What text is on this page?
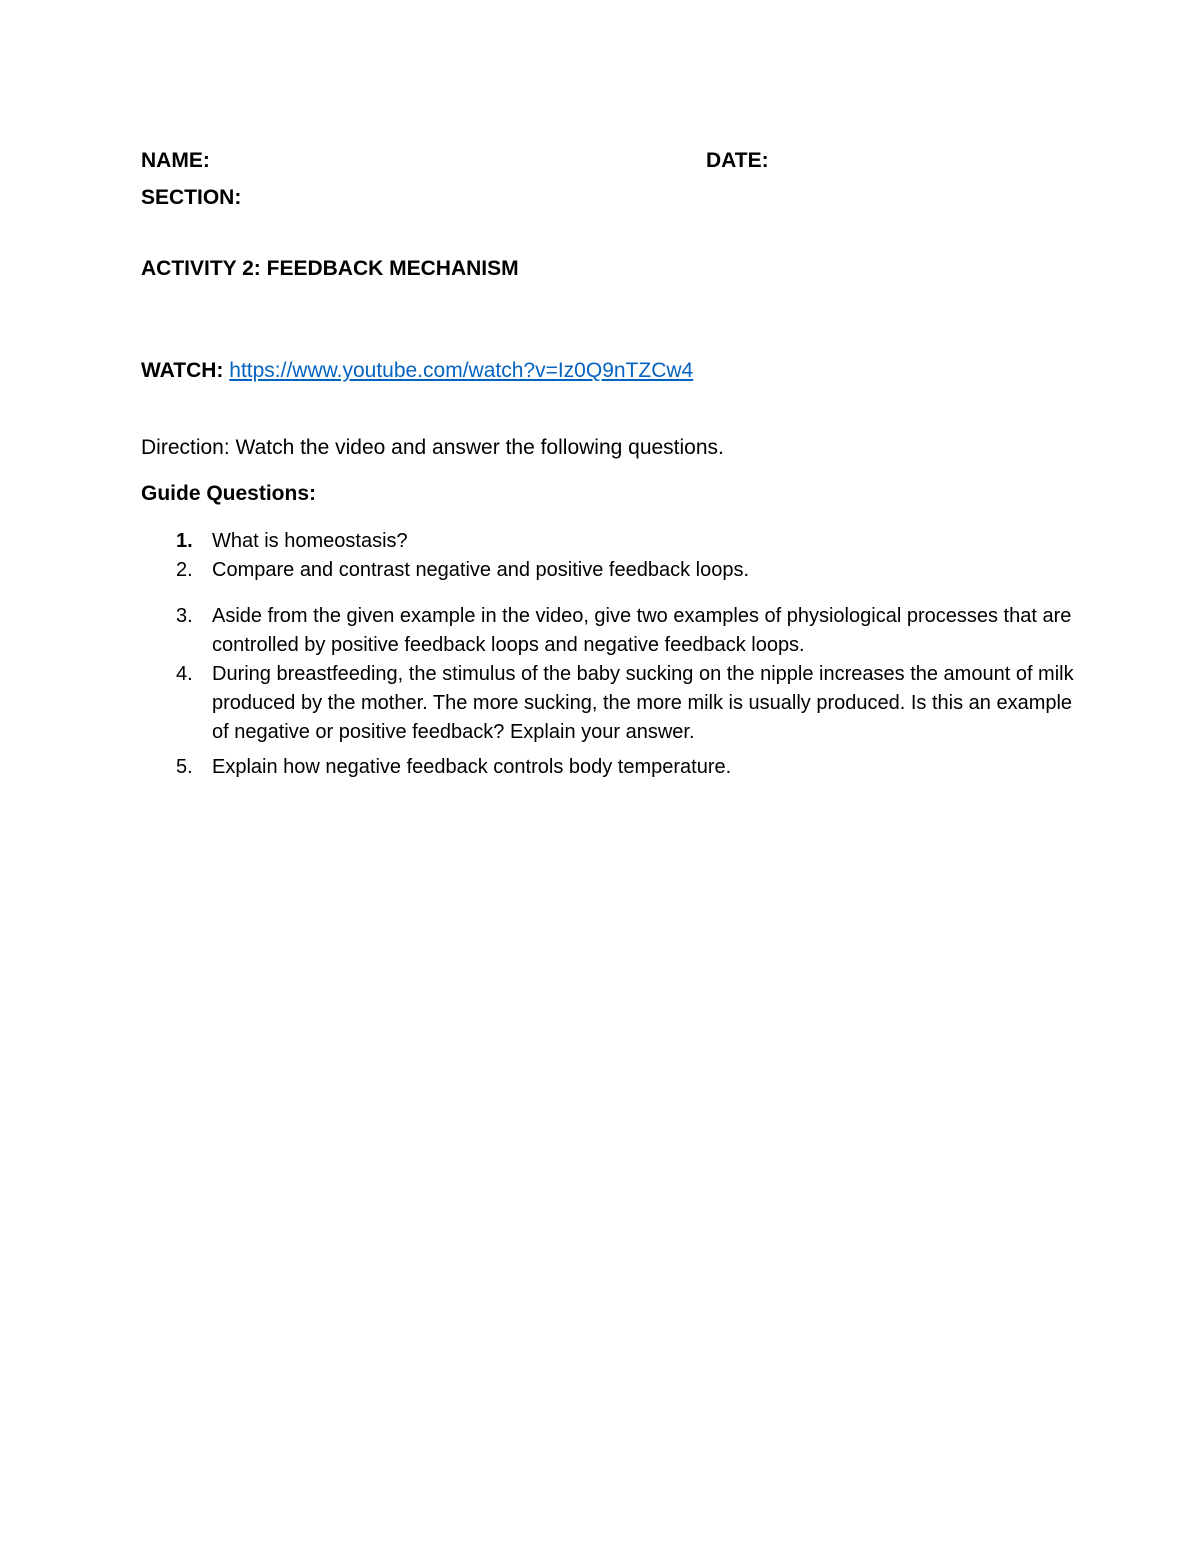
NAME:	DATE:
SECTION:
ACTIVITY 2: FEEDBACK MECHANISM
WATCH: https://www.youtube.com/watch?v=Iz0Q9nTZCw4
Direction: Watch the video and answer the following questions.
Guide Questions:
1. What is homeostasis?
2. Compare and contrast negative and positive feedback loops.
3. Aside from the given example in the video, give two examples of physiological processes that are controlled by positive feedback loops and negative feedback loops.
4. During breastfeeding, the stimulus of the baby sucking on the nipple increases the amount of milk produced by the mother. The more sucking, the more milk is usually produced. Is this an example of negative or positive feedback? Explain your answer.
5. Explain how negative feedback controls body temperature.
